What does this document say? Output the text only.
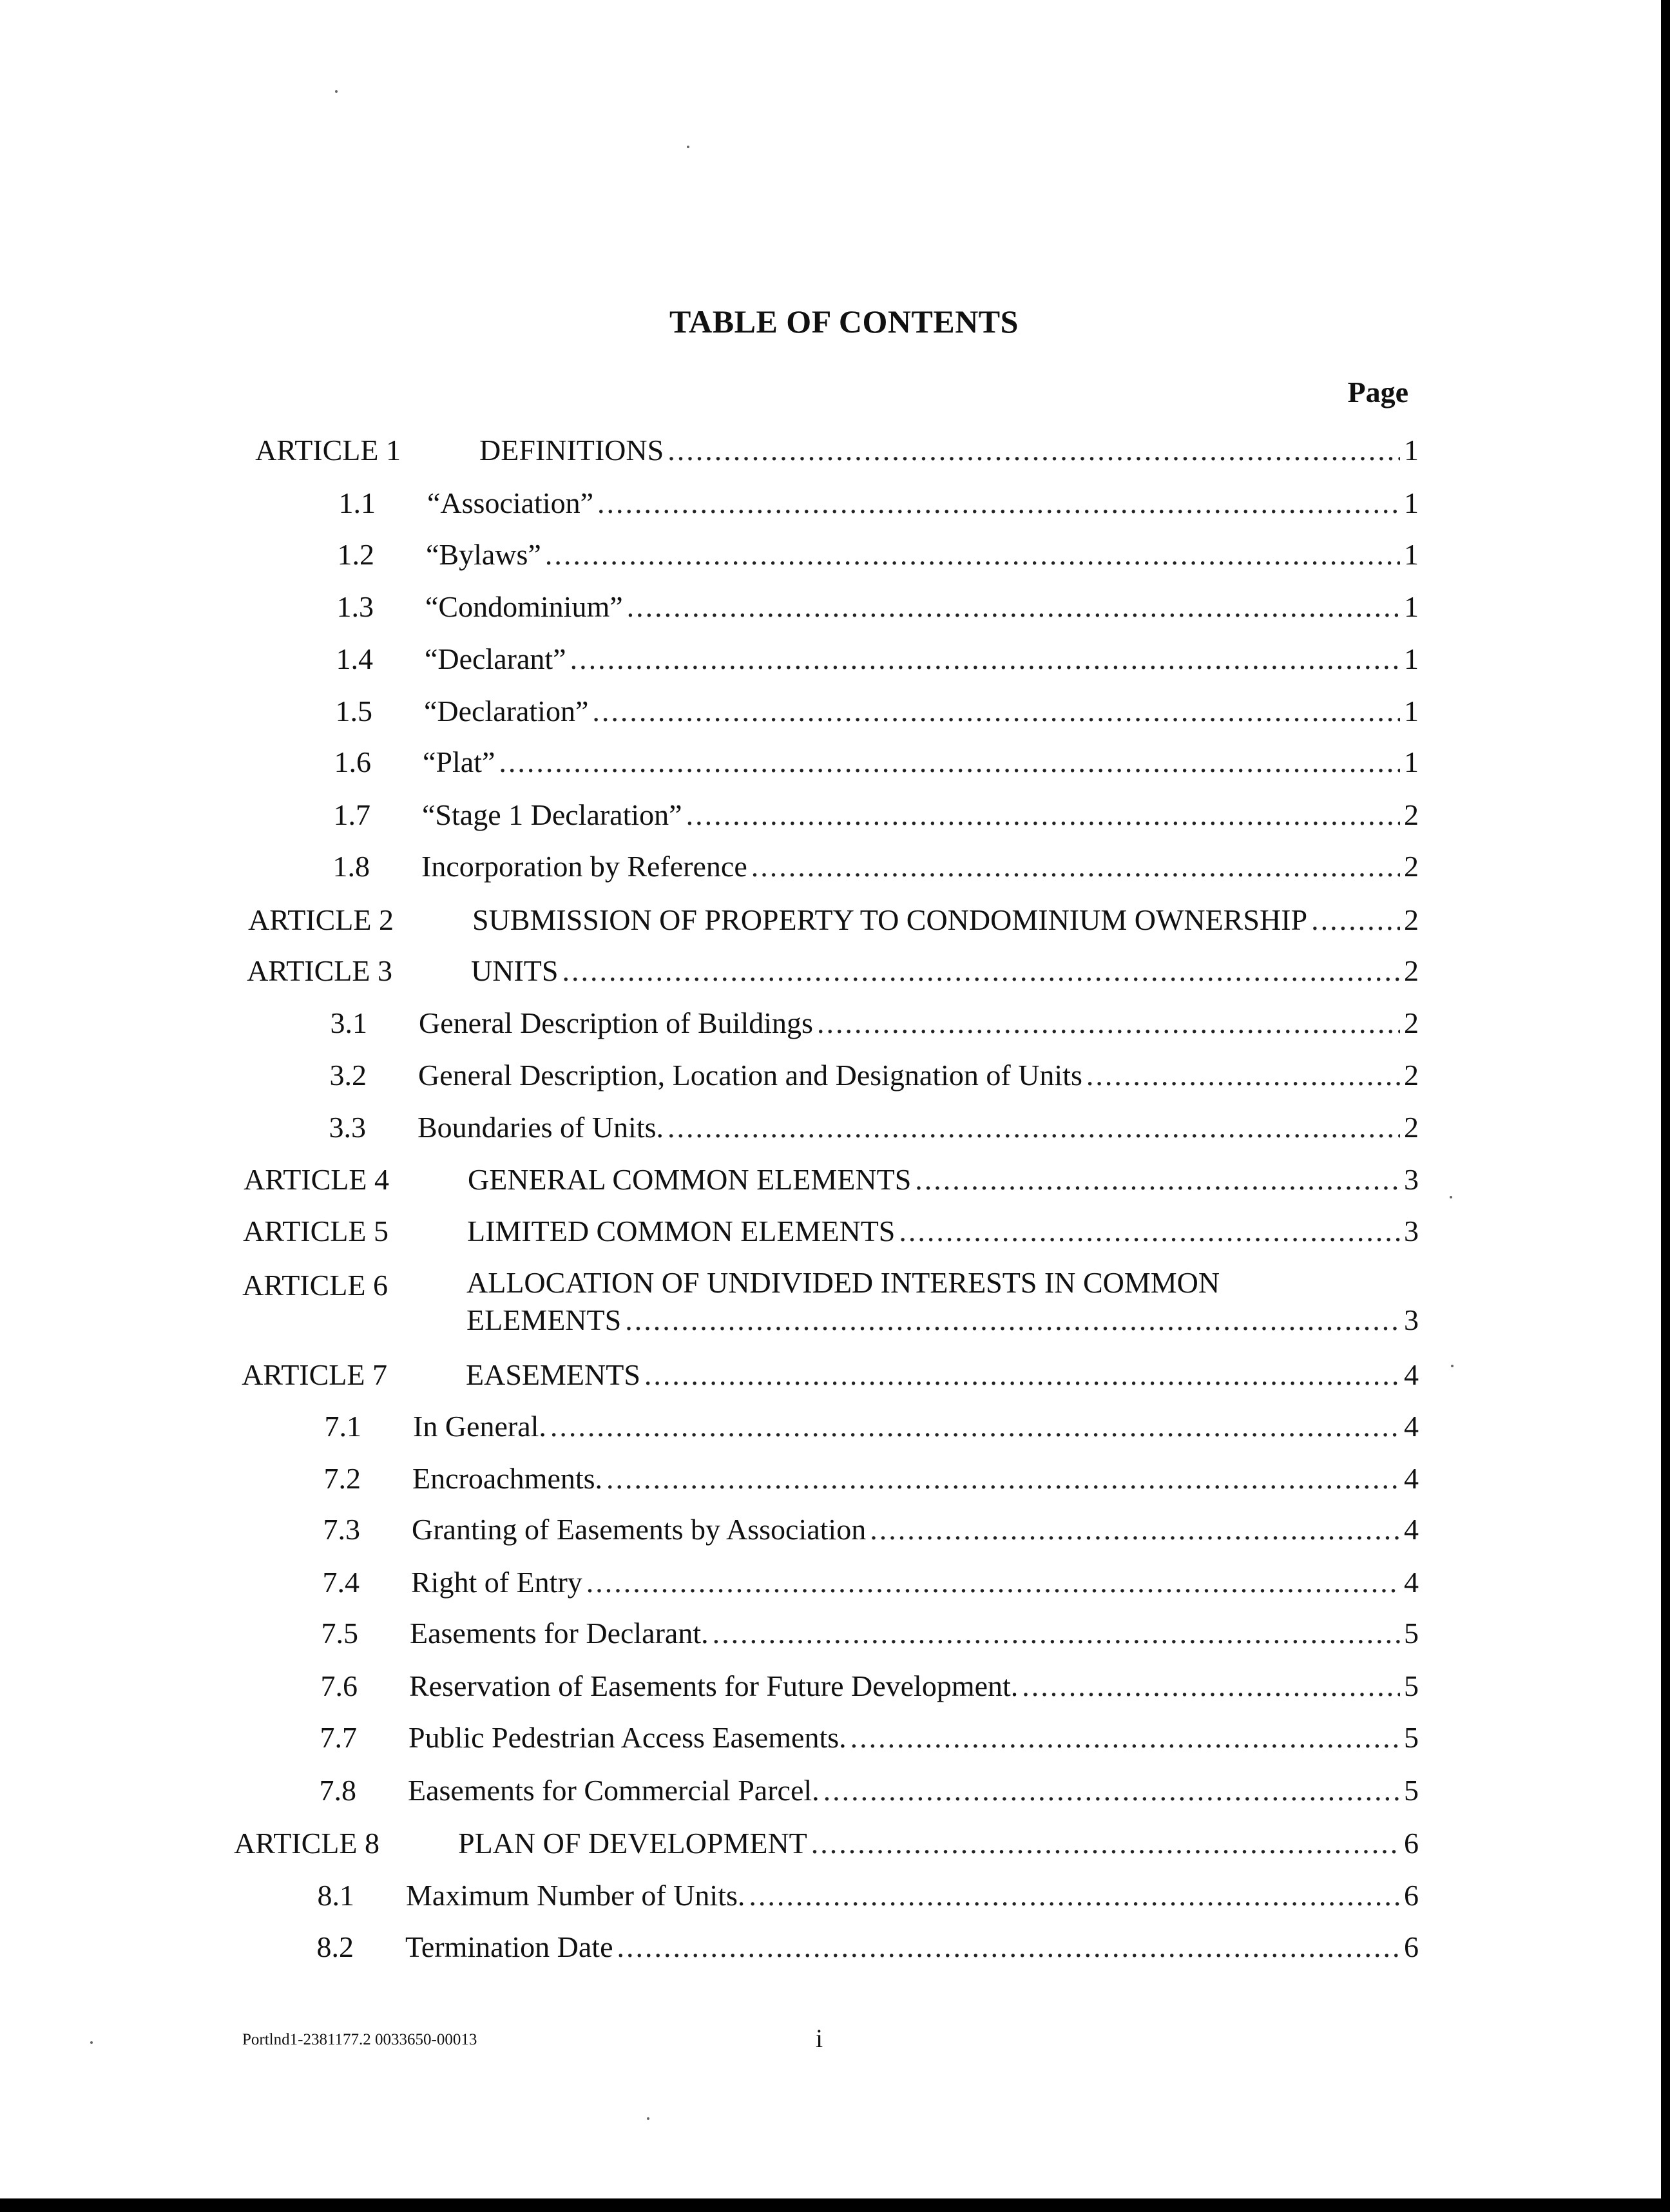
TABLE OF CONTENTS
Page
ARTICLE 1	DEFINITIONS .....	1
1.1 “Association” .....	1
1.2 “Bylaws” .....	1
1.3 “Condominium” .....	1
1.4 “Declarant” .....	1
1.5 “Declaration” .....	1
1.6 “Plat” .....	1
1.7 “Stage 1 Declaration” .....	2
1.8 Incorporation by Reference .....	2
ARTICLE 2	SUBMISSION OF PROPERTY TO CONDOMINIUM OWNERSHIP .....	2
ARTICLE 3	UNITS .....	2
3.1 General Description of Buildings .....	2
3.2 General Description, Location and Designation of Units .....	2
3.3 Boundaries of Units. .....	2
ARTICLE 4	GENERAL COMMON ELEMENTS .....	3
ARTICLE 5	LIMITED COMMON ELEMENTS .....	3
ARTICLE 6	ALLOCATION OF UNDIVIDED INTERESTS IN COMMON
ELEMENTS .....	3
ARTICLE 7	EASEMENTS .....	4
7.1 In General. .....	4
7.2 Encroachments. .....	4
7.3 Granting of Easements by Association .....	4
7.4 Right of Entry .....	4
7.5 Easements for Declarant. .....	5
7.6 Reservation of Easements for Future Development. .....	5
7.7 Public Pedestrian Access Easements. .....	5
7.8 Easements for Commercial Parcel. .....	5
ARTICLE 8	PLAN OF DEVELOPMENT .....	6
8.1 Maximum Number of Units. .....	6
8.2 Termination Date .....	6
Portlnd1-2381177.2 0033650-00013	i
